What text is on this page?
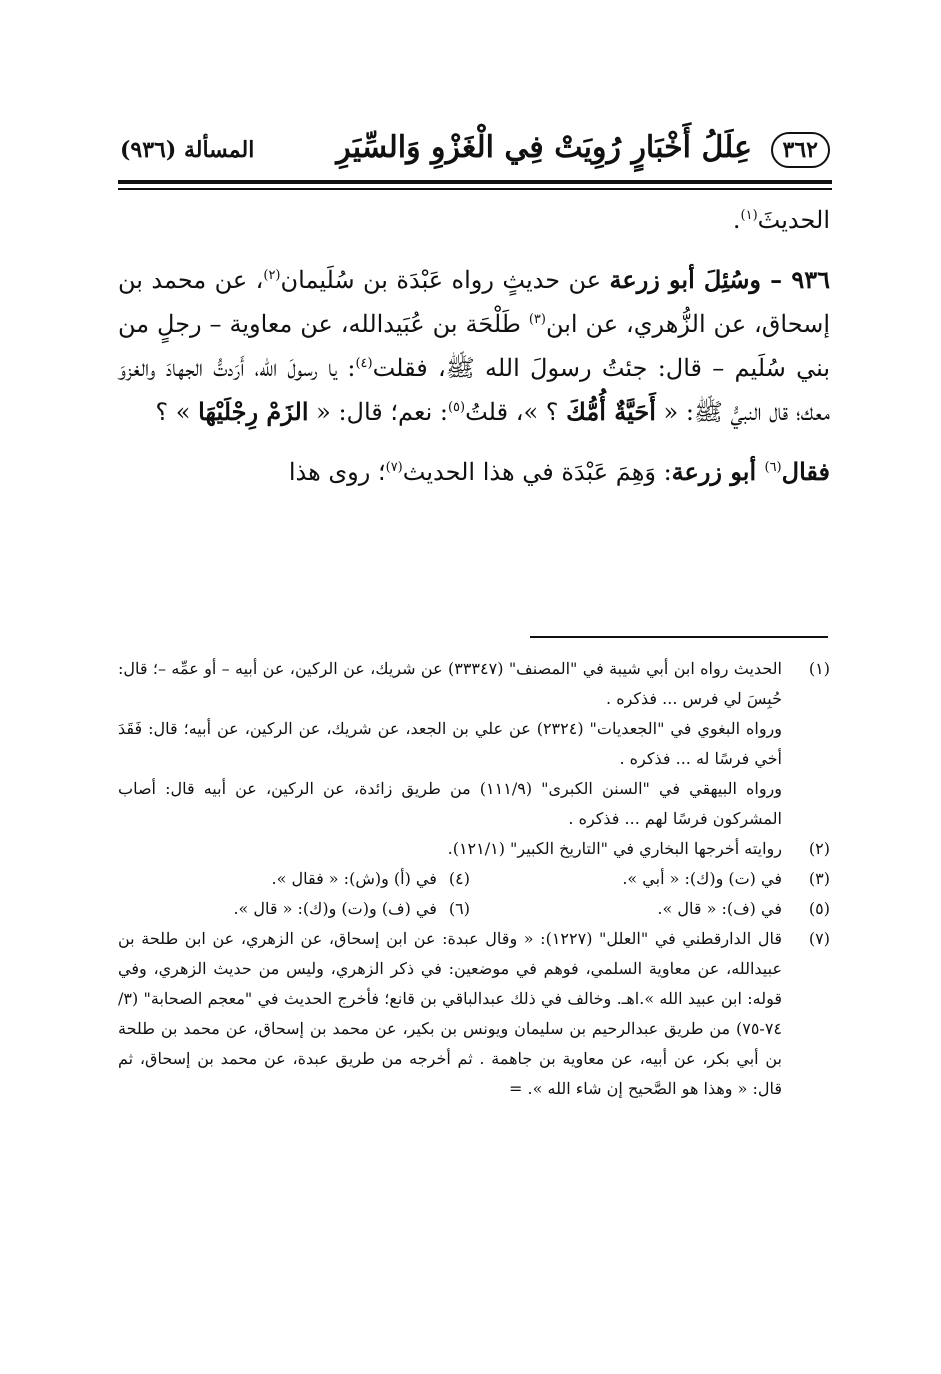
٣٦٢
عِلَلُ أَخْبَارٍ رُوِيَتْ فِي الْغَزْوِ وَالسِّيَرِ
المسألة (٩٣٦)

الحديثَ$^{(١)}$.

٩٣٦ – وسُئِلَ أبو زرعة عن حديثٍ رواه عَبْدَة بن سُلَيمان$^{(٢)}$، عن محمد بن إسحاق، عن الزُّهري، عن ابن$^{(٣)}$ طَلْحَة بن عُبَيدالله، عن معاوية – رجلٍ من بني سُلَيم – قال: جئتُ رسولَ الله ﷺ، فقلت$^{(٤)}$: يا رسولَ الله، أَرَدتُّ الجهادَ والغزوَ معك؛ قال النبيُّ ﷺ: « أَحَيَّةٌ أُمُّكَ ؟ »، قلتُ$^{(٥)}$: نعم؛ قال: « الزَمْ رِجْلَيْهَا » ؟

فقال$^{(٦)}$ أبو زرعة: وَهِمَ عَبْدَة في هذا الحديث$^{(٧)}$؛ روى هذا

(١)
الحديث رواه ابن أبي شيبة في "المصنف" (٣٣٣٤٧) عن شريك، عن الركين، عن أبيه – أو عمِّه –؛ قال: حُبِسَ لي فرس ... فذكره .
ورواه البغوي في "الجعديات" (٢٣٢٤) عن علي بن الجعد، عن شريك، عن الركين، عن أبيه؛ قال: فَقَدَ أخي فرسًا له ... فذكره .
ورواه البيهقي في "السنن الكبرى" (١١١/٩) من طريق زائدة، عن الركين، عن أبيه قال: أصاب المشركون فرسًا لهم ... فذكره .
(٢)
روايته أخرجها البخاري في "التاريخ الكبير" (١٢١/١).
(٣)
في (ت) و(ك): « أبي ».
(٤)في (أ) و(ش): « فقال ».
(٥)
في (ف): « قال ».
(٦)في (ف) و(ت) و(ك): « قال ».
(٧)
قال الدارقطني في "العلل" (١٢٢٧): « وقال عبدة: عن ابن إسحاق، عن الزهري، عن ابن طلحة بن عبيدالله، عن معاوية السلمي، فوهم في موضعين: في ذكر الزهري، وليس من حديث الزهري، وفي قوله: ابن عبيد الله ».اهـ. وخالف في ذلك عبدالباقي بن قانع؛ فأخرج الحديث في "معجم الصحابة" (٣/ ٧٤-٧٥) من طريق عبدالرحيم بن سليمان ويونس بن بكير، عن محمد بن إسحاق، عن محمد بن طلحة بن أبي بكر، عن أبيه، عن معاوية بن جاهمة . ثم أخرجه من طريق عبدة، عن محمد بن إسحاق، ثم قال: « وهذا هو الصَّحيح إن شاء الله ». =
